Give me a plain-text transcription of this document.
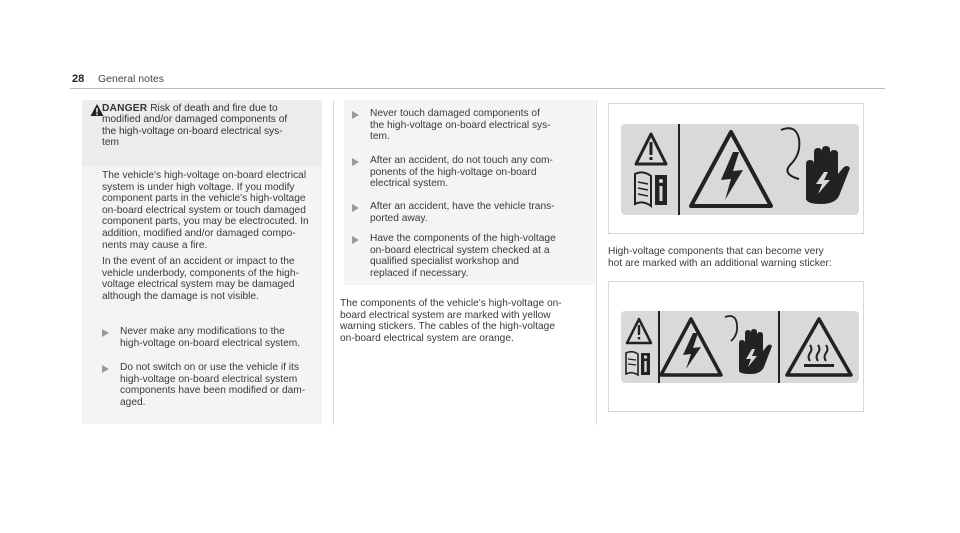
28 General notes
DANGER Risk of death and fire due to
modified and/or damaged components of
the high-voltage on-board electrical sys-
tem
The vehicle's high-voltage on-board electrical
system is under high voltage. If you modify
component parts in the vehicle's high-voltage
on-board electrical system or touch damaged
component parts, you may be electrocuted. In
addition, modified and/or damaged compo-
nents may cause a fire.
In the event of an accident or impact to the
vehicle underbody, components of the high-
voltage electrical system may be damaged
although the damage is not visible.
Never make any modifications to the
high-voltage on-board electrical system.
Do not switch on or use the vehicle if its
high-voltage on-board electrical system
components have been modified or dam-
aged.
Never touch damaged components of
the high-voltage on-board electrical sys-
tem.
After an accident, do not touch any com-
ponents of the high-voltage on-board
electrical system.
After an accident, have the vehicle trans-
ported away.
Have the components of the high-voltage
on-board electrical system checked at a
qualified specialist workshop and
replaced if necessary.
The components of the vehicle's high-voltage on-
board electrical system are marked with yellow
warning stickers. The cables of the high-voltage
on-board electrical system are orange.
High-voltage components that can become very
hot are marked with an additional warning sticker:
